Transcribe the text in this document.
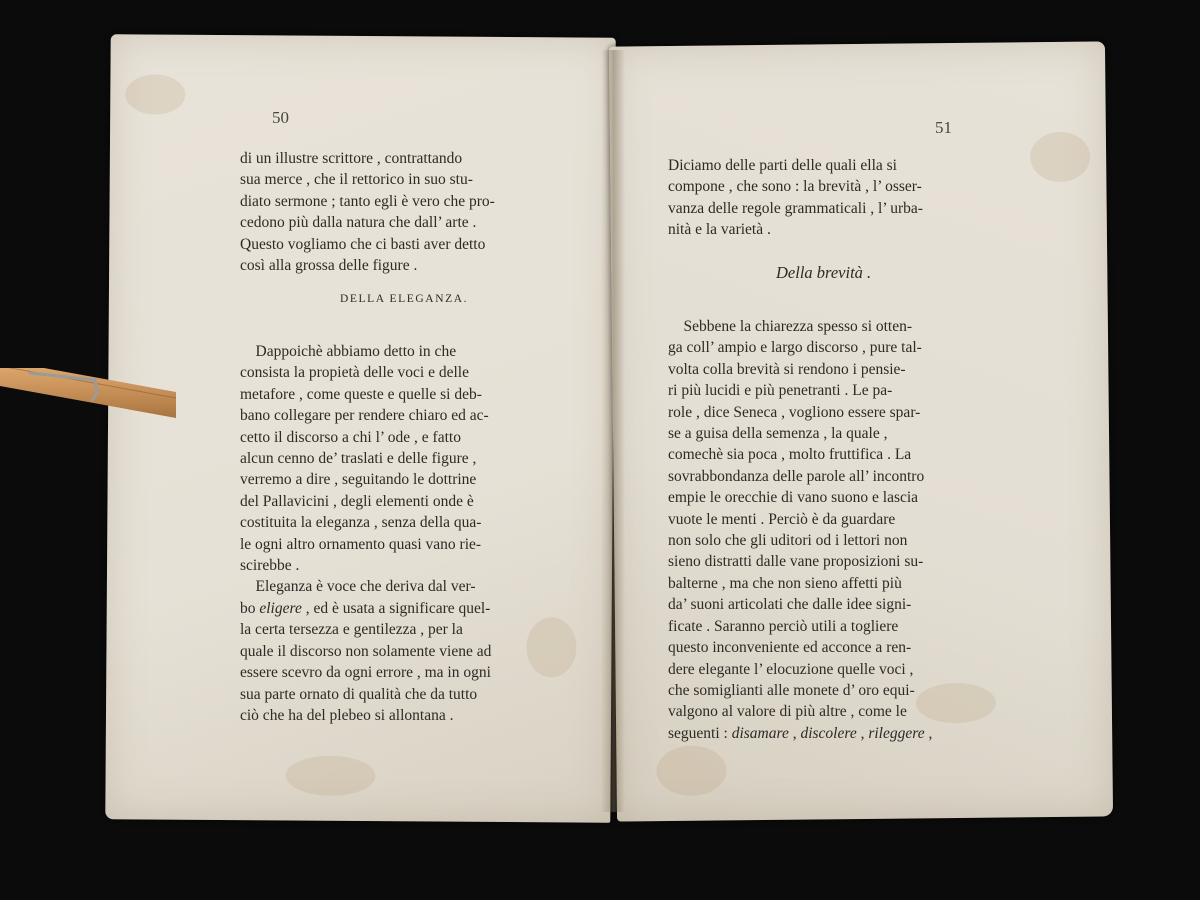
50

di un illustre scrittore , contrattando
sua merce , che il rettorico in suo stu-
diato sermone ; tanto egli è vero che pro-
cedono più dalla natura che dall’ arte .
Questo vogliamo che ci basti aver detto
così alla grossa delle figure .

DELLA ELEGANZA.

Dappoichè abbiamo detto in che
consista la propietà delle voci e delle
metafore , come queste e quelle si deb-
bano collegare per rendere chiaro ed ac-
cetto il discorso a chi l’ ode , e fatto
alcun cenno de’ traslati e delle figure ,
verremo a dire , seguitando le dottrine
del Pallavicini , degli elementi onde è
costituita la eleganza , senza della qua-
le ogni altro ornamento quasi vano rie-
scirebbe .
Eleganza è voce che deriva dal ver-
bo eligere , ed è usata a significare quel-
la certa tersezza e gentilezza , per la
quale il discorso non solamente viene ad
essere scevro da ogni errore , ma in ogni
sua parte ornato di qualità che da tutto
ciò che ha del plebeo si allontana .

51

Diciamo delle parti delle quali ella si
compone , che sono : la brevità , l’ osser-
vanza delle regole grammaticali , l’ urba-
nità e la varietà .

Della brevità .

Sebbene la chiarezza spesso si otten-
ga coll’ ampio e largo discorso , pure tal-
volta colla brevità si rendono i pensie-
ri più lucidi e più penetranti . Le pa-
role , dice Seneca , vogliono essere spar-
se a guisa della semenza , la quale ,
comechè sia poca , molto fruttifica . La
sovrabbondanza delle parole all’ incontro
empie le orecchie di vano suono e lascia
vuote le menti . Perciò è da guardare
non solo che gli uditori od i lettori non
sieno distratti dalle vane proposizioni su-
balterne , ma che non sieno affetti più
da’ suoni articolati che dalle idee signi-
ficate . Saranno perciò utili a togliere
questo inconveniente ed acconce a ren-
dere elegante l’ elocuzione quelle voci ,
che somiglianti alle monete d’ oro equi-
valgono al valore di più altre , come le
seguenti : disamare , discolere , rileggere ,
